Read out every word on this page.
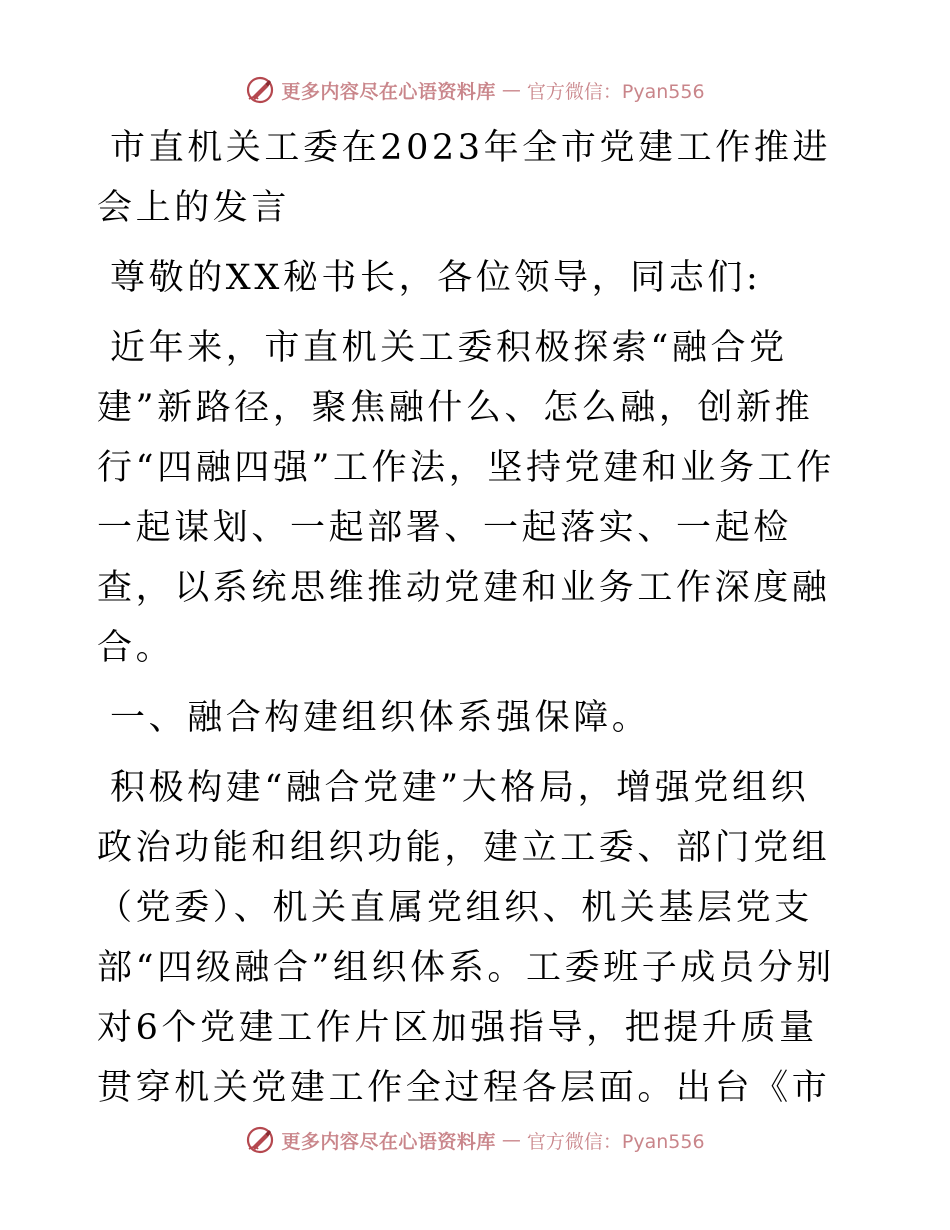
更多内容尽在心语资料库 — 官方微信：Pyan556

市直机关工委在2023年全市党建工作推进会上的发言

尊敬的XX秘书长，各位领导，同志们:

近年来，市直机关工委积极探索“融合党建”新路径，聚焦融什么、怎么融，创新推行“四融四强”工作法，坚持党建和业务工作一起谋划、一起部署、一起落实、一起检查，以系统思维推动党建和业务工作深度融合。

一、融合构建组织体系强保障。

积极构建“融合党建”大格局，增强党组织政治功能和组织功能，建立工委、部门党组（党委）、机关直属党组织、机关基层党支部“四级融合”组织体系。工委班子成员分别对6个党建工作片区加强指导，把提升质量贯穿机关党建工作全过程各层面。出台《市

更多内容尽在心语资料库 — 官方微信：Pyan556
